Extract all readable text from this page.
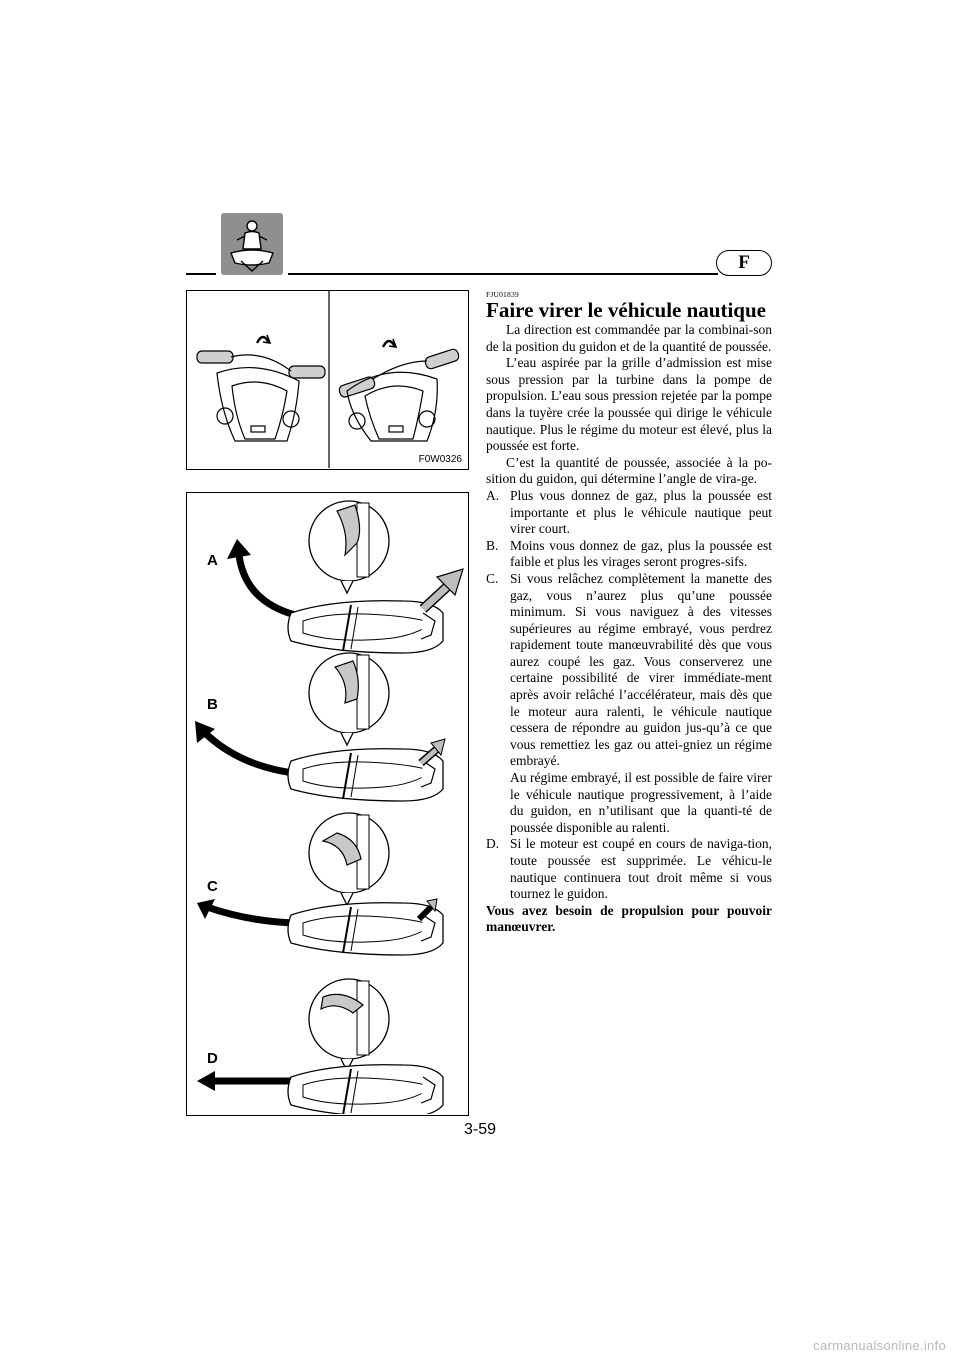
F
F0W0326
A
B
C
D
FJU01839
Faire virer le véhicule nautique

La direction est commandée par la combinai-son de la position du guidon et de la quantité de poussée.

L’eau aspirée par la grille d’admission est mise sous pression par la turbine dans la pompe de propulsion. L’eau sous pression rejetée par la pompe dans la tuyère crée la poussée qui dirige le véhicule nautique. Plus le régime du moteur est élevé, plus la poussée est forte.

C’est la quantité de poussée, associée à la po-sition du guidon, qui détermine l’angle de vira-ge.

A. Plus vous donnez de gaz, plus la poussée est importante et plus le véhicule nautique peut virer court.
B. Moins vous donnez de gaz, plus la poussée est faible et plus les virages seront progres-sifs.
C. Si vous relâchez complètement la manette des gaz, vous n’aurez plus qu’une poussée minimum. Si vous naviguez à des vitesses supérieures au régime embrayé, vous perdrez rapidement toute manœuvrabilité dès que vous aurez coupé les gaz. Vous conserverez une certaine possibilité de virer immédiate-ment après avoir relâché l’accélérateur, mais dès que le moteur aura ralenti, le véhicule nautique cessera de répondre au guidon jus-qu’à ce que vous remettiez les gaz ou attei-gniez un régime embrayé.
Au régime embrayé, il est possible de faire virer le véhicule nautique progressivement, à l’aide du guidon, en n’utilisant que la quanti-té de poussée disponible au ralenti.
D. Si le moteur est coupé en cours de naviga-tion, toute poussée est supprimée. Le véhicu-le nautique continuera tout droit même si vous tournez le guidon.

Vous avez besoin de propulsion pour pouvoir manœuvrer.

3-59
carmanualsonline.info
